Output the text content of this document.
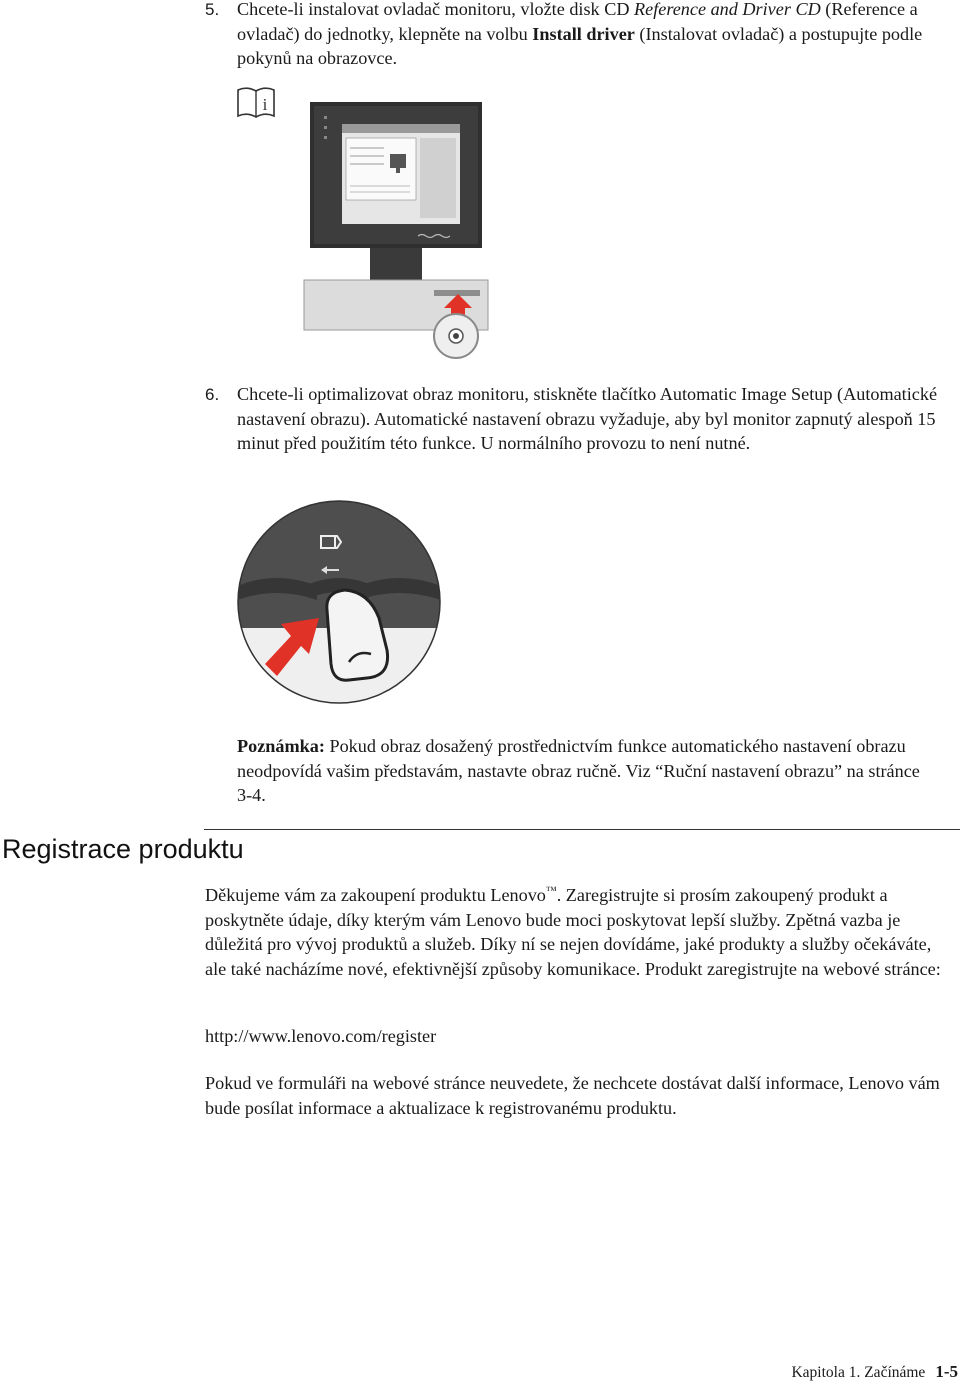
5. Chcete-li instalovat ovladač monitoru, vložte disk CD Reference and Driver CD (Reference a ovladač) do jednotky, klepněte na volbu Install driver (Instalovat ovladač) a postupujte podle pokynů na obrazovce.
i
6. Chcete-li optimalizovat obraz monitoru, stiskněte tlačítko Automatic Image Setup (Automatické nastavení obrazu). Automatické nastavení obrazu vyžaduje, aby byl monitor zapnutý alespoň 15 minut před použitím této funkce. U normálního provozu to není nutné.
Poznámka: Pokud obraz dosažený prostřednictvím funkce automatického nastavení obrazu neodpovídá vašim představám, nastavte obraz ručně. Viz “Ruční nastavení obrazu” na stránce 3-4.
Registrace produktu
Děkujeme vám za zakoupení produktu Lenovo™. Zaregistrujte si prosím zakoupený produkt a poskytněte údaje, díky kterým vám Lenovo bude moci poskytovat lepší služby. Zpětná vazba je důležitá pro vývoj produktů a služeb. Díky ní se nejen dovídáme, jaké produkty a služby očekáváte, ale také nacházíme nové, efektivnější způsoby komunikace. Produkt zaregistrujte na webové stránce:
http://www.lenovo.com/register
Pokud ve formuláři na webové stránce neuvedete, že nechcete dostávat další informace, Lenovo vám bude posílat informace a aktualizace k registrovanému produktu.
Kapitola 1. Začínáme 1-5
